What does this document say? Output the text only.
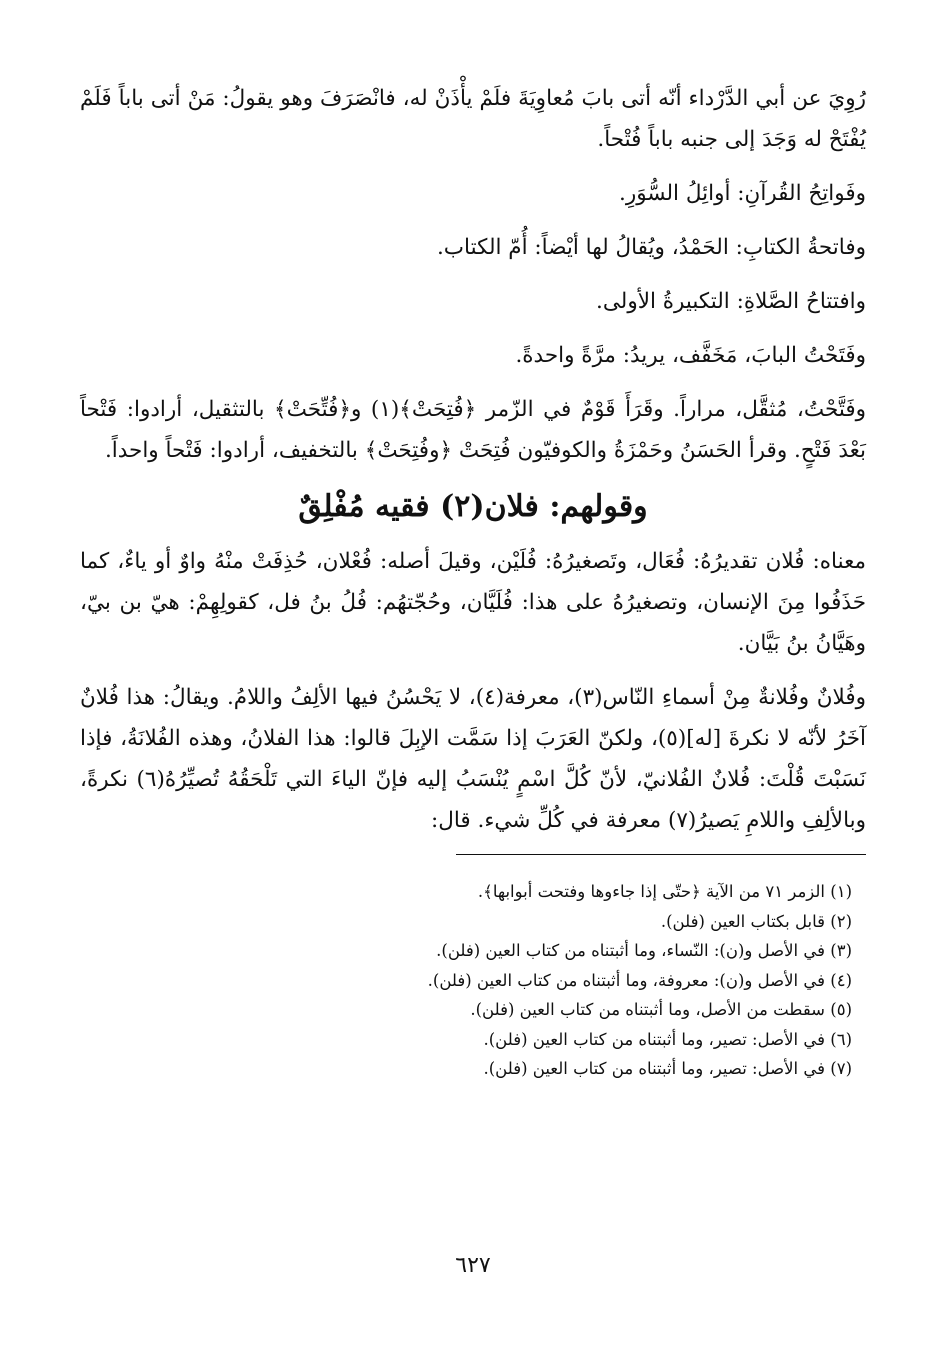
رُوِيَ عن أبي الدَّرْداء أنّه أتى بابَ مُعاوِيَةَ فلَمْ يأْذَنْ له، فانْصَرَفَ وهو يقولُ: مَنْ أتى باباً فَلَمْ يُفْتَحْ له وَجَدَ إلى جنبه باباً فُتْحاً.

وفَواتِحُ القُرآنِ: أوائِلُ السُّوَرِ.

وفاتحةُ الكتابِ: الحَمْدُ، ويُقالُ لها أيْضاً: أُمّ الكتاب.

وافتتاحُ الصَّلاةِ: التكبيرةُ الأولى.

وفَتَحْتُ البابَ، مَخَفَّف، يريدُ: مرَّةً واحدةً.

وفَتَّحْتُ، مُثقَّل، مراراً. وقَرَأَ قَوْمٌ في الزّمر ﴿فُتِحَتْ﴾(١) و﴿فُتِّحَتْ﴾ بالتثقيل، أرادوا: فَتْحاً بَعْدَ فَتْحٍ. وقرأ الحَسَنُ وحَمْزَةُ والكوفيّون فُتِحَتْ ﴿وفُتِحَتْ﴾ بالتخفيف، أرادوا: فَتْحاً واحداً.

وقولهم: فلان(٢) فقيه مُفْلِقٌ

معناه: فُلان تقديرُهُ: فُعَال، وتَصغيرُهُ: فُلَيْن، وقيلَ أصله: فُعْلان، حُذِفَتْ منْهُ واوٌ أو ياءٌ، كما حَذَفُوا مِنَ الإنسان، وتصغيرُهُ على هذا: فُلَيَّان، وحُجّتهُم: فُلُ بنُ فل، كقولِهِمْ: هيّ بن بيّ، وهَيَّانُ بنُ بَيَّان.

وفُلانٌ وفُلانةٌ مِنْ أسماءِ النّاس(٣)، معرفة(٤)، لا يَحْسُنُ فيها الألِفُ واللامُ. ويقالُ: هذا فُلانٌ آخَرُ لأنّه لا نكرةَ [له](٥)، ولكنّ العَرَبَ إذا سَمَّت الإبِلَ قالوا: هذا الفلانُ، وهذه الفُلانَةُ، فإذا نَسَبْتَ قُلْتَ: فُلانٌ الفُلانيّ، لأنّ كُلَّ اسْمٍ يُنْسَبُ إليه فإنّ الياءَ التي تَلْحَقُهُ تُصيِّرُهُ(٦) نكرةً، وبالألِفِ واللامِ يَصيرُ(٧) معرفة في كُلِّ شيء. قال:

(١) الزمر ٧١ من الآية ﴿حتّى إذا جاءوها وفتحت أبوابها﴾.

(٢) قابل بكتاب العين (فلن).

(٣) في الأصل و(ن): النّساء، وما أثبتناه من كتاب العين (فلن).

(٤) في الأصل و(ن): معروفة، وما أثبتناه من كتاب العين (فلن).

(٥) سقطت من الأصل، وما أثبتناه من كتاب العين (فلن).

(٦) في الأصل: تصير، وما أثبتناه من كتاب العين (فلن).

(٧) في الأصل: تصير، وما أثبتناه من كتاب العين (فلن).

٦٢٧
